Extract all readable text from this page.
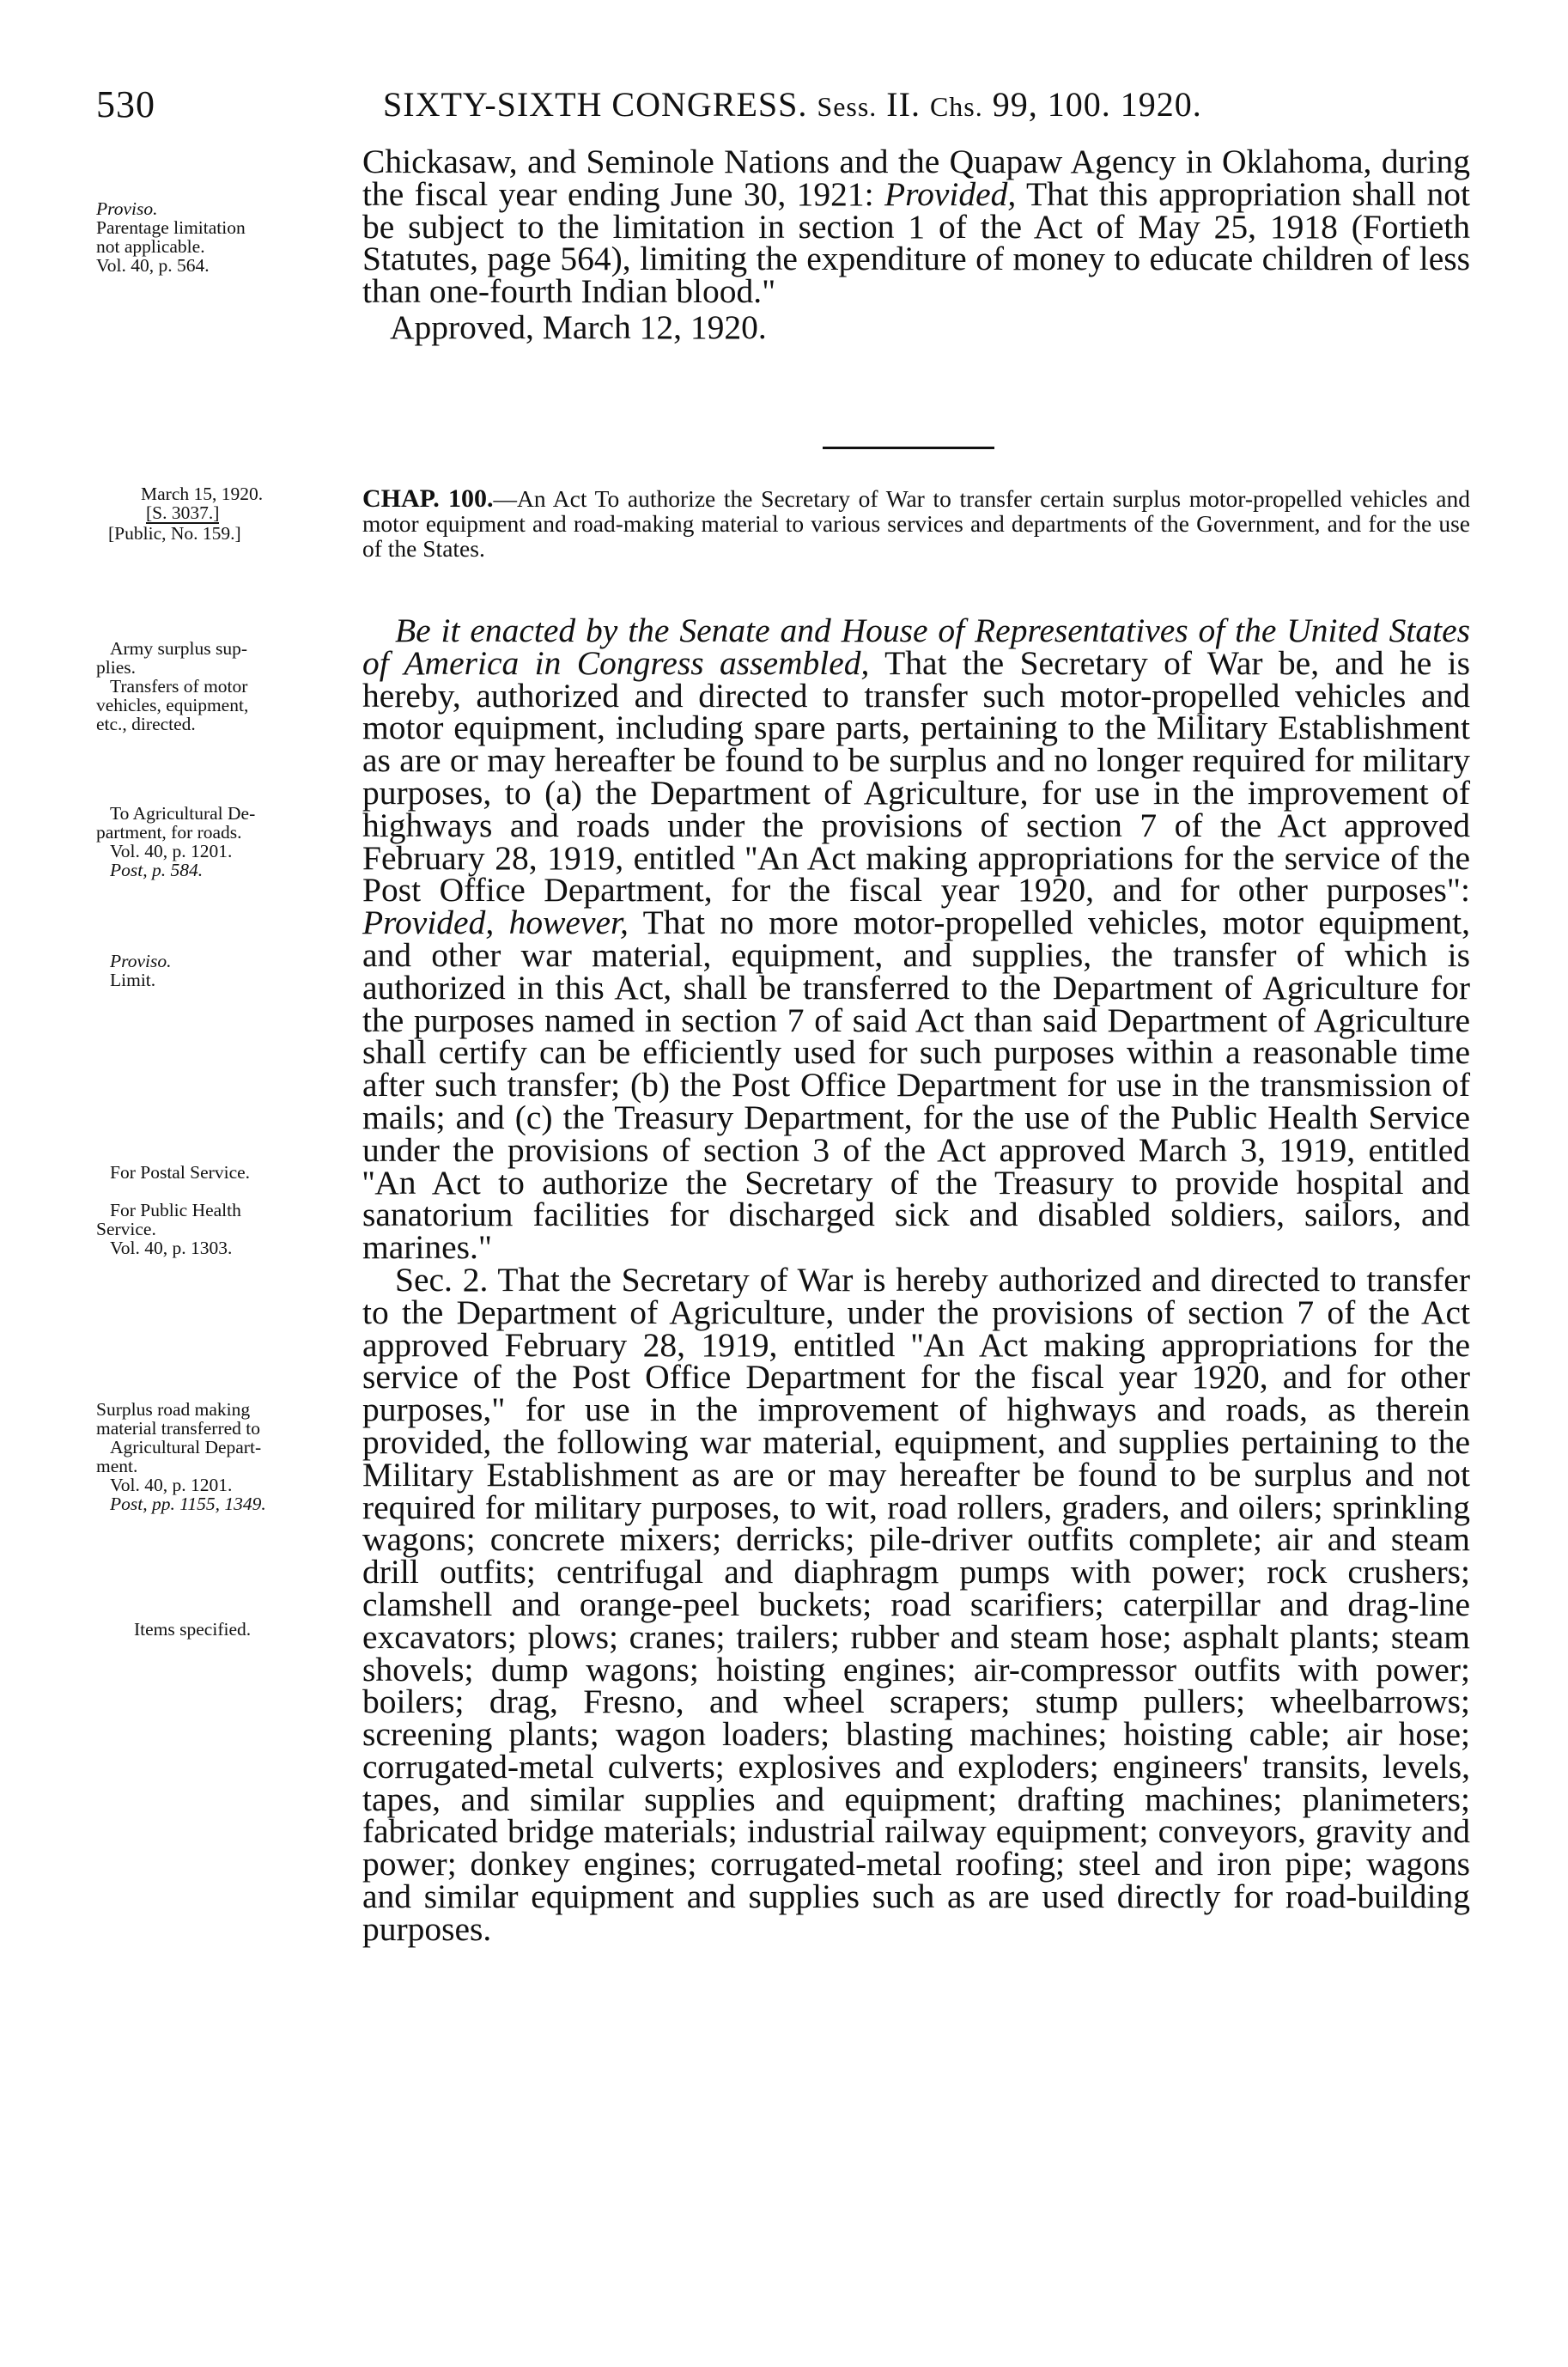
530	SIXTY-SIXTH CONGRESS. Sess. II. Chs. 99, 100. 1920.

Chickasaw, and Seminole Nations and the Quapaw Agency in Oklahoma, during the fiscal year ending June 30, 1921: Provided, That this appropriation shall not be subject to the limitation in section 1 of the Act of May 25, 1918 (Fortieth Statutes, page 564), limiting the expenditure of money to educate children of less than one-fourth Indian blood."

Approved, March 12, 1920.

CHAP. 100.—An Act To authorize the Secretary of War to transfer certain surplus motor-propelled vehicles and motor equipment and road-making material to various services and departments of the Government, and for the use of the States.

Be it enacted by the Senate and House of Representatives of the United States of America in Congress assembled, That the Secretary of War be, and he is hereby, authorized and directed to transfer such motor-propelled vehicles and motor equipment, including spare parts, pertaining to the Military Establishment as are or may hereafter be found to be surplus and no longer required for military purposes, to (a) the Department of Agriculture, for use in the improvement of highways and roads under the provisions of section 7 of the Act approved February 28, 1919, entitled ''An Act making appropriations for the service of the Post Office Department, for the fiscal year 1920, and for other purposes": Provided, however, That no more motor-propelled vehicles, motor equipment, and other war material, equipment, and supplies, the transfer of which is authorized in this Act, shall be transferred to the Department of Agriculture for the purposes named in section 7 of said Act than said Department of Agriculture shall certify can be efficiently used for such purposes within a reasonable time after such transfer; (b) the Post Office Department for use in the transmission of mails; and (c) the Treasury Department, for the use of the Public Health Service under the provisions of section 3 of the Act approved March 3, 1919, entitled ''An Act to authorize the Secretary of the Treasury to provide hospital and sanatorium facilities for discharged sick and disabled soldiers, sailors, and marines."

Sec. 2. That the Secretary of War is hereby authorized and directed to transfer to the Department of Agriculture, under the provisions of section 7 of the Act approved February 28, 1919, entitled ''An Act making appropriations for the service of the Post Office Department for the fiscal year 1920, and for other purposes," for use in the improvement of highways and roads, as therein provided, the following war material, equipment, and supplies pertaining to the Military Establishment as are or may hereafter be found to be surplus and not required for military purposes, to wit, road rollers, graders, and oilers; sprinkling wagons; concrete mixers; derricks; pile-driver outfits complete; air and steam drill outfits; centrifugal and diaphragm pumps with power; rock crushers; clamshell and orange-peel buckets; road scarifiers; caterpillar and drag-line excavators; plows; cranes; trailers; rubber and steam hose; asphalt plants; steam shovels; dump wagons; hoisting engines; air-compressor outfits with power; boilers; drag, Fresno, and wheel scrapers; stump pullers; wheelbarrows; screening plants; wagon loaders; blasting machines; hoisting cable; air hose; corrugated-metal culverts; explosives and exploders; engineers' transits, levels, tapes, and similar supplies and equipment; drafting machines; planimeters; fabricated bridge materials; industrial railway equipment; conveyors, gravity and power; donkey engines; corrugated-metal roofing; steel and iron pipe; wagons and similar equipment and supplies such as are used directly for road-building purposes.

Proviso.

Parentage limitation

not applicable.

Vol. 40, p. 564.

March 15, 1920.

[S. 3037.]

[Public, No. 159.]

Army surplus sup-

plies.

Transfers of motor

vehicles, equipment,

etc., directed.

To Agricultural De-

partment, for roads.

Vol. 40, p. 1201.

Post, p. 584.

Proviso.

Limit.

For Postal Service.

For Public Health

Service.

Vol. 40, p. 1303.

Surplus road making

material transferred to

Agricultural Depart-

ment.

Vol. 40, p. 1201.

Post, pp. 1155, 1349.

Items specified.
